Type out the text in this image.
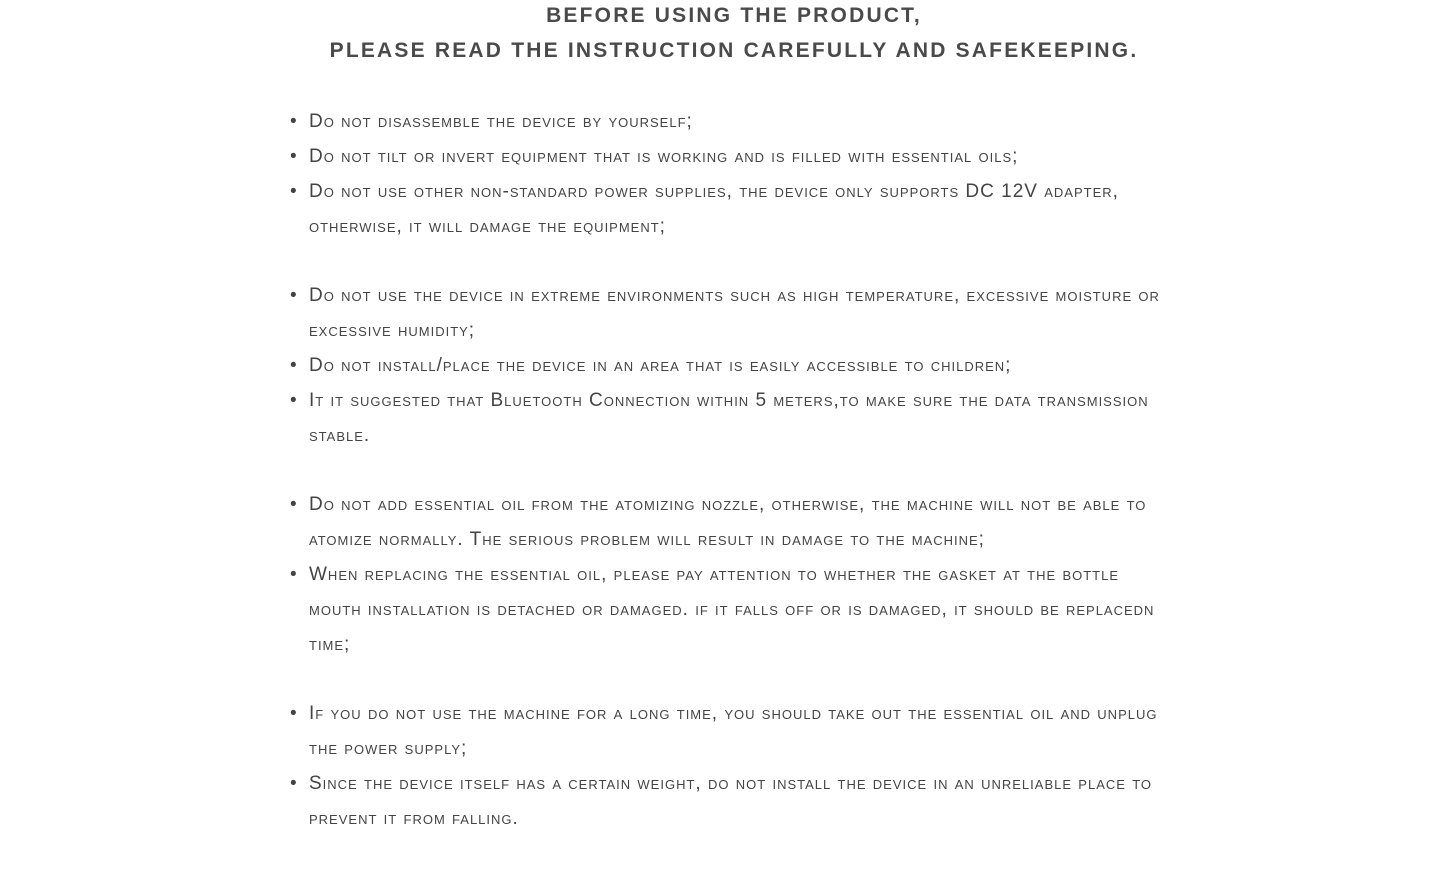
BEFORE USING THE PRODUCT,
PLEASE READ THE INSTRUCTION CAREFULLY AND SAFEKEEPING.
• Do not disassemble the device by yourself;
• Do not tilt or invert equipment that is working and is filled with essential oils;
• Do not use other non-standard power supplies, the device only supports DC 12V adapter, otherwise, it will damage the equipment;
• Do not use the device in extreme environments such as high temperature, excessive moisture or excessive humidity;
• Do not install/place the device in an area that is easily accessible to children;
• It it suggested that Bluetooth Connection within 5 meters,to make sure the data transmission stable.
• Do not add essential oil from the atomizing nozzle, otherwise, the machine will not be able to atomize normally. The serious problem will result in damage to the machine;
• When replacing the essential oil, please pay attention to whether the gasket at the bottle mouth installation is detached or damaged. if it falls off or is damaged, it should be replacedn time;
• If you do not use the machine for a long time, you should take out the essential oil and unplug the power supply;
• Since the device itself has a certain weight, do not install the device in an unreliable place to prevent it from falling.
